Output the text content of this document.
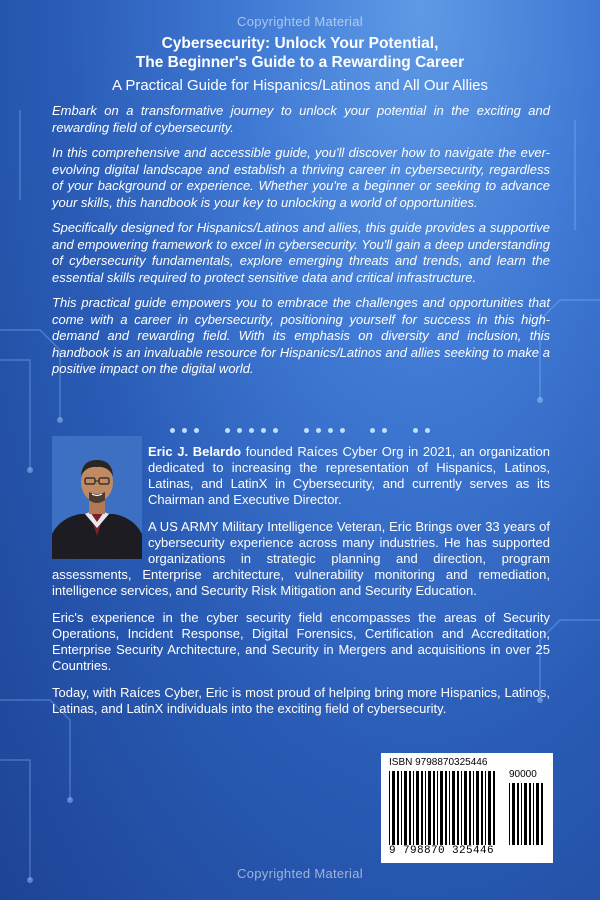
Copyrighted Material
Cybersecurity: Unlock Your Potential,
The Beginner's Guide to a Rewarding Career
A Practical Guide for Hispanics/Latinos and All Our Allies

Embark on a transformative journey to unlock your potential in the exciting and rewarding field of cybersecurity.

In this comprehensive and accessible guide, you'll discover how to navigate the ever-evolving digital landscape and establish a thriving career in cybersecurity, regardless of your background or experience. Whether you're a beginner or seeking to advance your skills, this handbook is your key to unlocking a world of opportunities.

Specifically designed for Hispanics/Latinos and allies, this guide provides a supportive and empowering framework to excel in cybersecurity. You'll gain a deep understanding of cybersecurity fundamentals, explore emerging threats and trends, and learn the essential skills required to protect sensitive data and critical infrastructure.

This practical guide empowers you to embrace the challenges and opportunities that come with a career in cybersecurity, positioning yourself for success in this high-demand and rewarding field. With its emphasis on diversity and inclusion, this handbook is an invaluable resource for Hispanics/Latinos and allies seeking to make a positive impact on the digital world.

Eric J. Belardo founded Raíces Cyber Org in 2021, an organization dedicated to increasing the representation of Hispanics, Latinos, Latinas, and LatinX in Cybersecurity, and currently serves as its Chairman and Executive Director.

A US ARMY Military Intelligence Veteran, Eric Brings over 33 years of cybersecurity experience across many industries. He has supported organizations in strategic planning and direction, program assessments, Enterprise architecture, vulnerability monitoring and remediation, intelligence services, and Security Risk Mitigation and Security Education.

Eric's experience in the cyber security field encompasses the areas of Security Operations, Incident Response, Digital Forensics, Certification and Accreditation, Enterprise Security Architecture, and Security in Mergers and acquisitions in over 25 Countries.

Today, with Raíces Cyber, Eric is most proud of helping bring more Hispanics, Latinos, Latinas, and LatinX individuals into the exciting field of cybersecurity.

ISBN 9798870325446
90000
9 798870 325446
Copyrighted Material
